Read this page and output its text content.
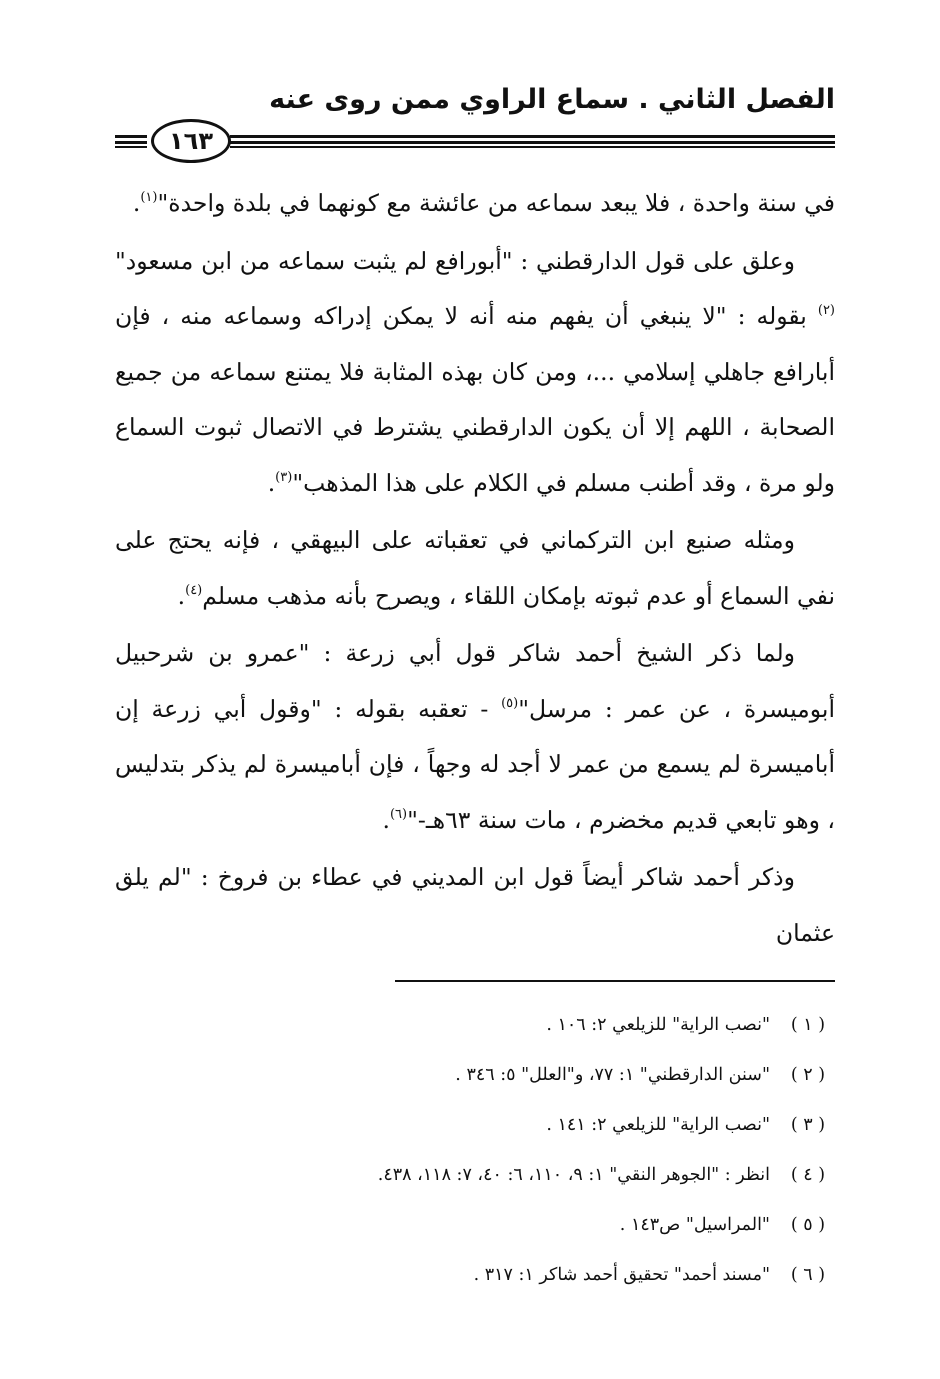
الفصل الثاني . سماع الراوي ممن روى عنه
١٦٣

في سنة واحدة ، فلا يبعد سماعه من عائشة مع كونهما في بلدة واحدة"$^{(١)}$.

وعلق على قول الدارقطني : "أبورافع لم يثبت سماعه من ابن مسعود"$^{(٢)}$ بقوله : "لا ينبغي أن يفهم منه أنه لا يمكن إدراكه وسماعه منه ، فإن أبارافع جاهلي إسلامي ...، ومن كان بهذه المثابة فلا يمتنع سماعه من جميع الصحابة ، اللهم إلا أن يكون الدارقطني يشترط في الاتصال ثبوت السماع ولو مرة ، وقد أطنب مسلم في الكلام على هذا المذهب"$^{(٣)}$.

ومثله صنيع ابن التركماني في تعقباته على البيهقي ، فإنه يحتج على نفي السماع أو عدم ثبوته بإمكان اللقاء ، ويصرح بأنه مذهب مسلم$^{(٤)}$.

ولما ذكر الشيخ أحمد شاكر قول أبي زرعة : "عمرو بن شرحبيل أبوميسرة ، عن عمر : مرسل"$^{(٥)}$ - تعقبه بقوله : "وقول أبي زرعة إن أباميسرة لم يسمع من عمر لا أجد له وجهاً ، فإن أباميسرة لم يذكر بتدليس ، وهو تابعي قديم مخضرم ، مات سنة ٦٣هـ-"$^{(٦)}$.

وذكر أحمد شاكر أيضاً قول ابن المديني في عطاء بن فروخ : "لم يلق عثمان

( ١ )
"نصب الراية" للزيلعي ٢: ١٠٦ .
( ٢ )
"سنن الدارقطني" ١: ٧٧، و"العلل" ٥: ٣٤٦ .
( ٣ )
"نصب الراية" للزيلعي ٢: ١٤١ .
( ٤ )
انظر : "الجوهر النقي" ١: ٩، ١١٠، ٦: ٤٠، ٧: ١١٨، ٤٣٨.
( ٥ )
"المراسيل" ص١٤٣ .
( ٦ )
"مسند أحمد" تحقيق أحمد شاكر ١: ٣١٧ .
